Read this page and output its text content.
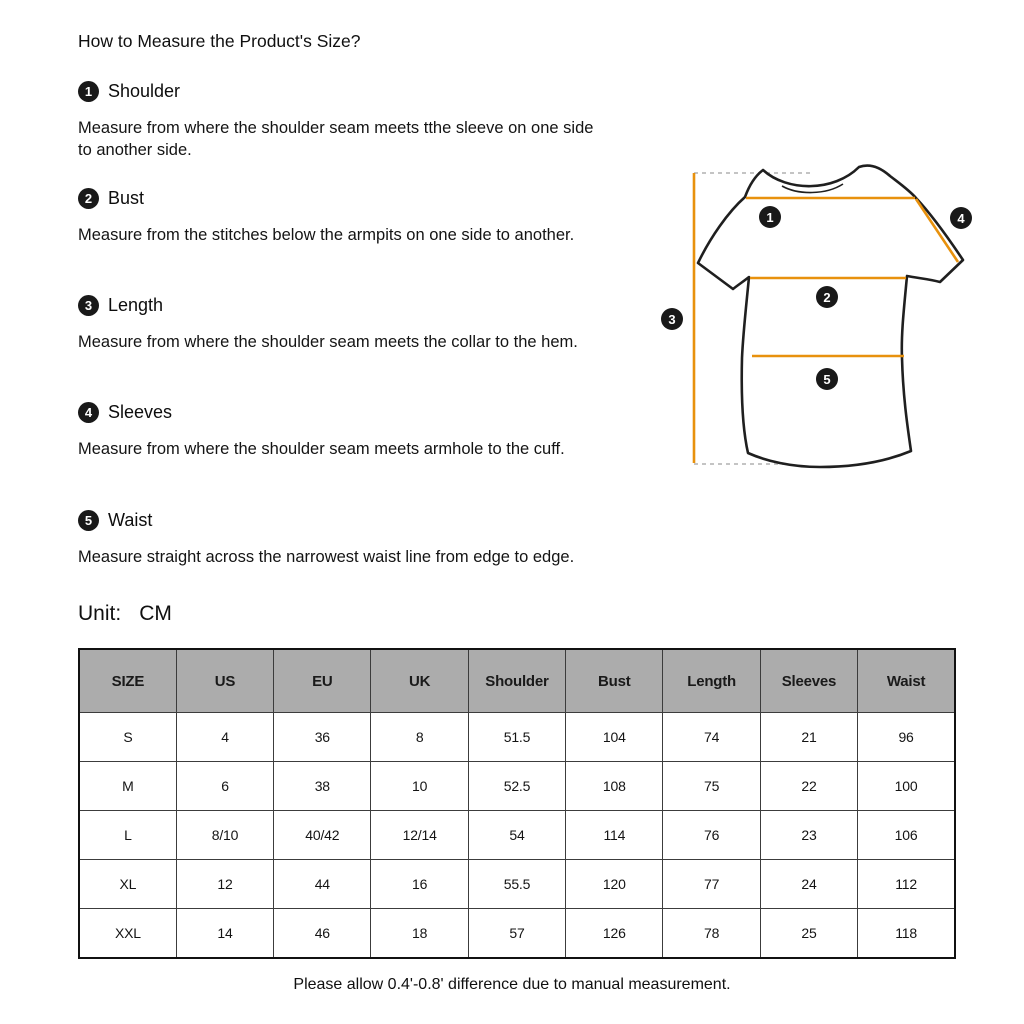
How to Measure the Product's Size?
1 Shoulder
Measure from where the shoulder seam meets tthe sleeve on one side to another side.
2 Bust
Measure from the stitches below the armpits on one side to another.
3 Length
Measure from where the shoulder seam meets the collar to the hem.
4 Sleeves
Measure from where the shoulder seam meets armhole to the cuff.
5 Waist
Measure straight across the narrowest waist line from edge to edge.
Unit: CM
1
2
3
4
5
SIZE	US	EU	UK	Shoulder	Bust	Length	Sleeves	Waist
S	4	36	8	51.5	104	74	21	96
M	6	38	10	52.5	108	75	22	100
L	8/10	40/42	12/14	54	114	76	23	106
XL	12	44	16	55.5	120	77	24	112
XXL	14	46	18	57	126	78	25	118
Please allow 0.4'-0.8' difference due to manual measurement.
